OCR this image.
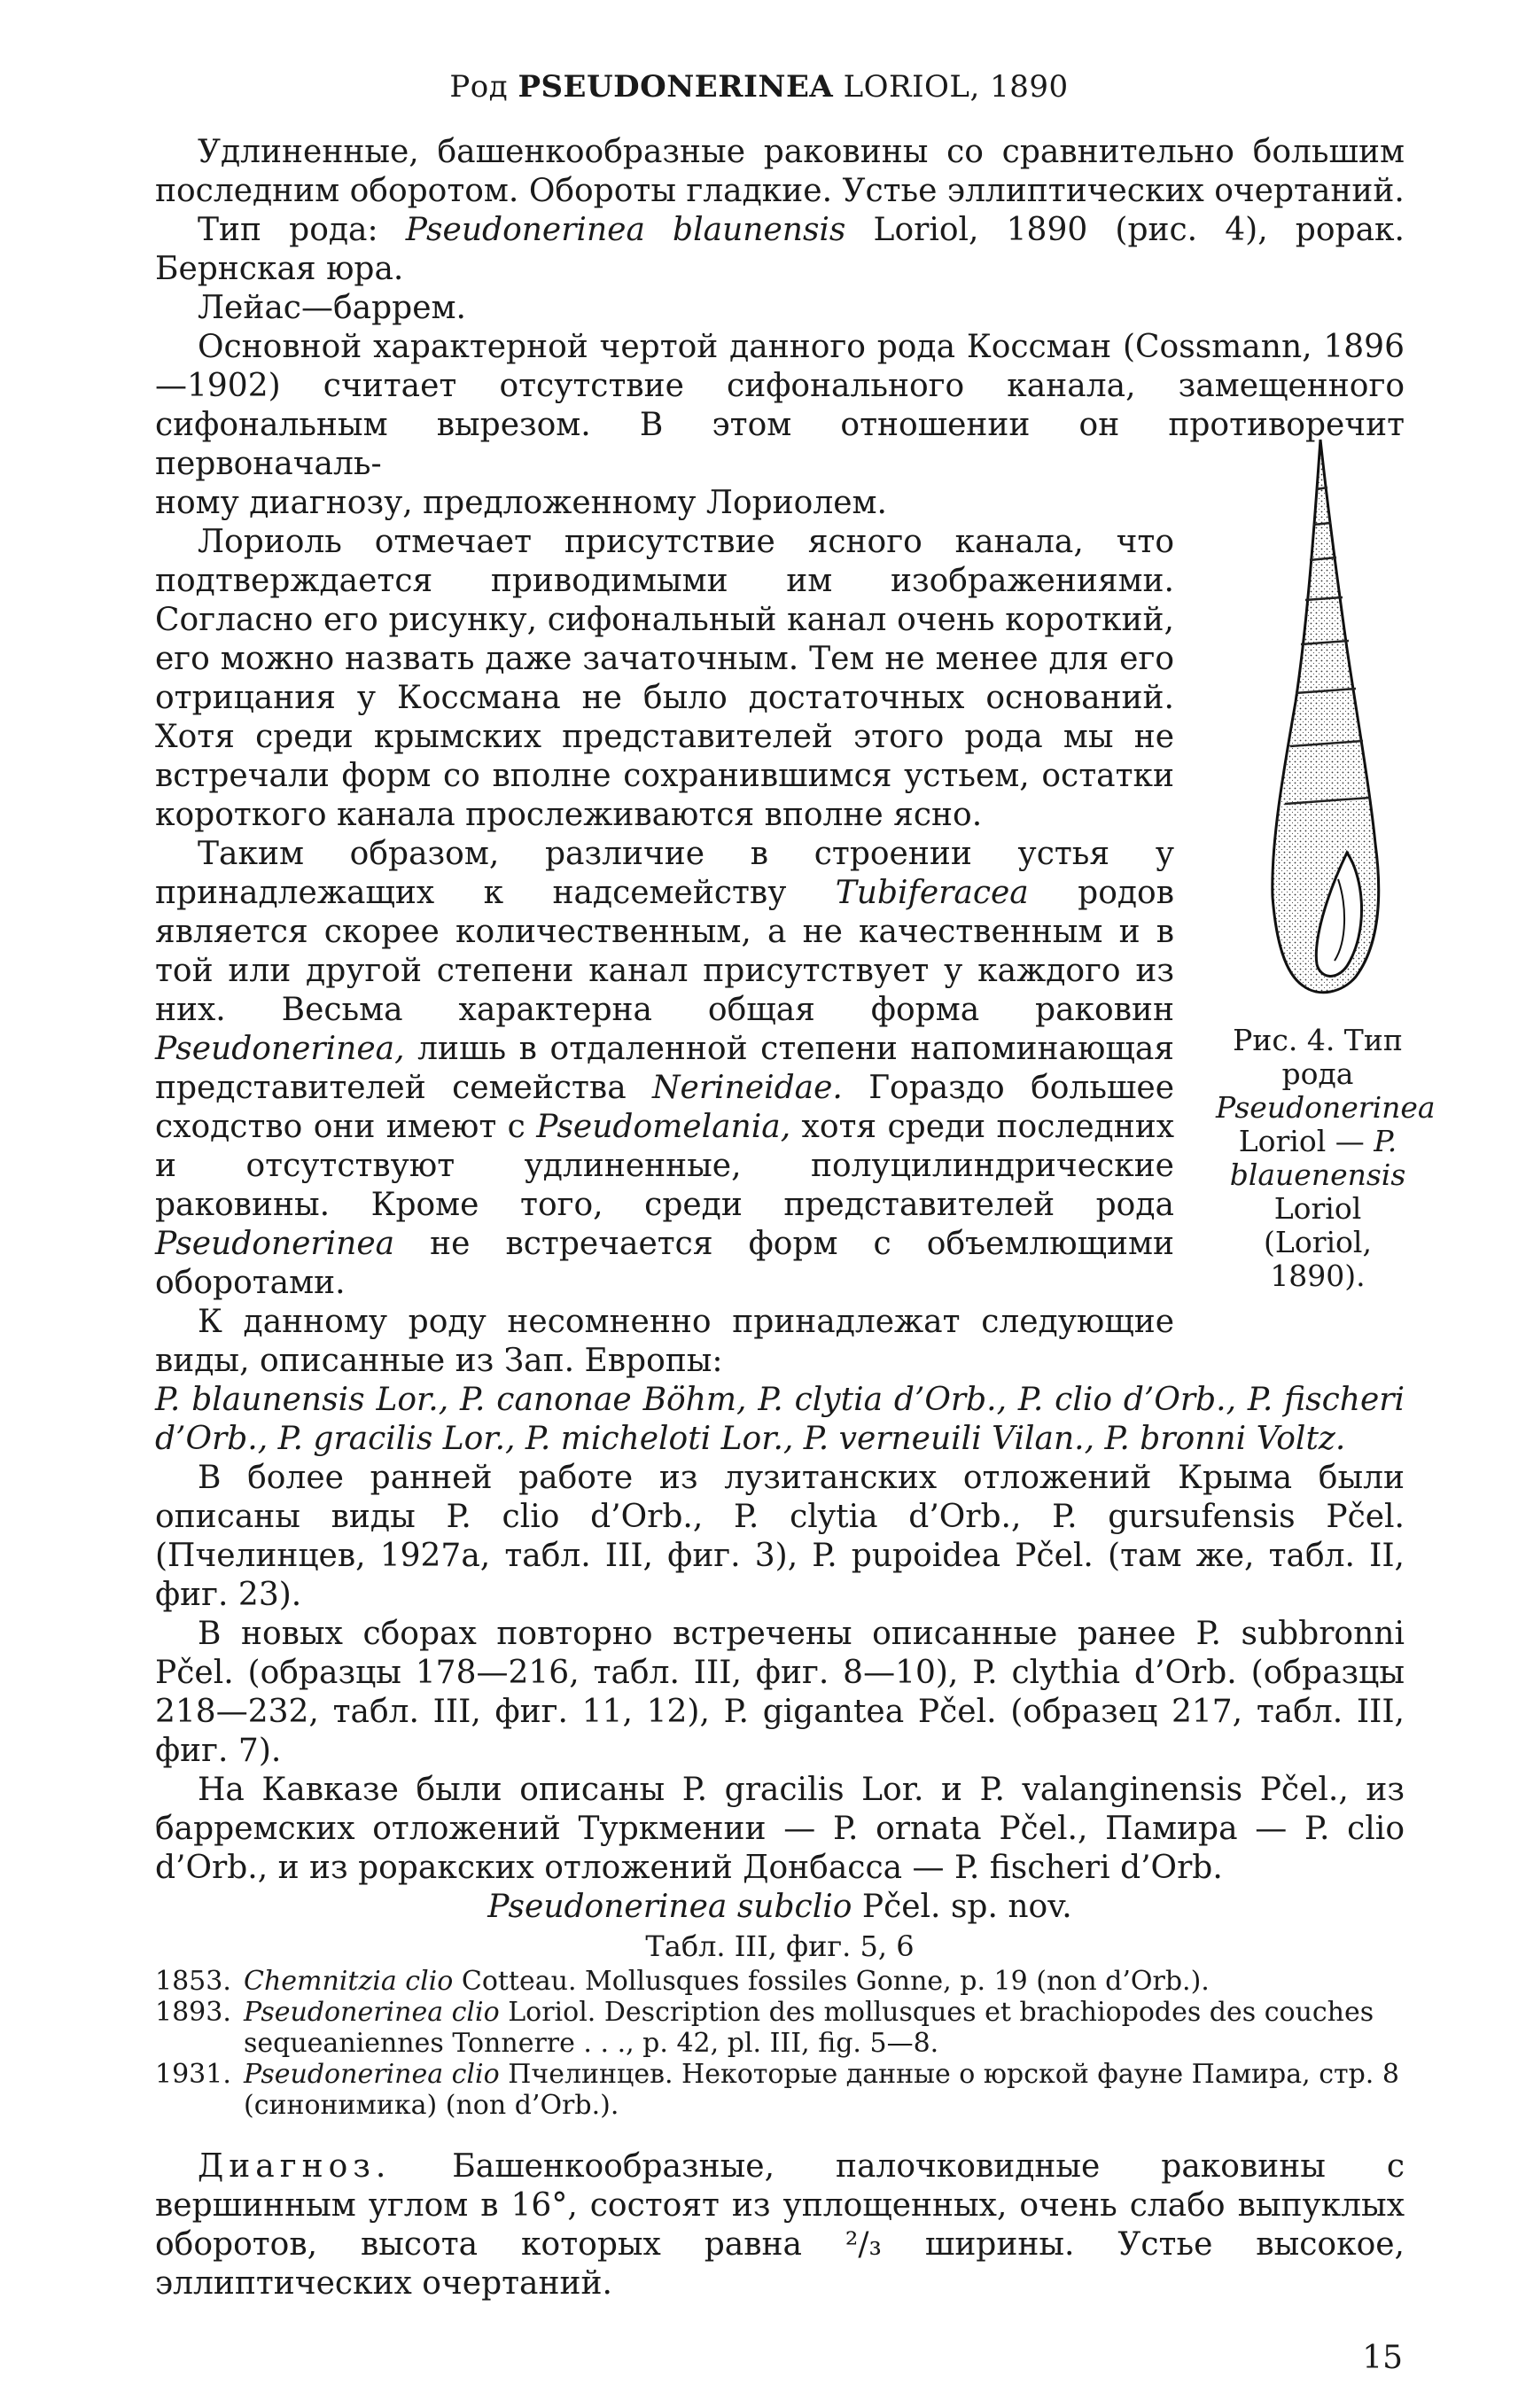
Род PSEUDONERINEA LORIOL, 1890

Удлиненные, башенкообразные раковины со сравнительно большим последним оборотом. Обороты гладкие. Устье эллиптических очертаний.

Тип рода: Pseudonerinea blaunensis Loriol, 1890 (рис. 4), рорак. Бернская юра.

Лейас—баррем.

Основной характерной чертой данного рода Коссман (Cossmann, 1896—1902) считает отсутствие сифонального канала, замещенного сифональным вырезом. В этом отношении он противоречит первоначаль-

ному диагнозу, предложенному Лориолем.

Лориоль отмечает присутствие ясного канала, что подтверждается приводимыми им изображениями. Согласно его рисунку, сифональный канал очень короткий, его можно назвать даже зачаточным. Тем не менее для его отрицания у Коссмана не было достаточных оснований. Хотя среди крымских представителей этого рода мы не встречали форм со вполне сохранившимся устьем, остатки короткого канала прослеживаются вполне ясно.

Таким образом, различие в строении устья у принадлежащих к надсемейству Tubiferacea родов является скорее количественным, а не качественным и в той или другой степени канал присутствует у каждого из них. Весьма характерна общая форма раковин Pseudonerinea, лишь в отдаленной степени напоминающая представителей семейства Nerineidae. Гораздо большее сходство они имеют с Pseudomelania, хотя среди последних и отсутствуют удлиненные, полуцилиндрические раковины. Кроме того, среди представителей рода Pseudonerinea не встречается форм с объемлющими оборотами.

К данному роду несомненно принадлежат следующие виды, описанные из Зап. Европы:

P. blaunensis Lor., P. canonae Böhm, P. clytia d’Orb., P. clio d’Orb., P. fischeri d’Orb., P. gracilis Lor., P. micheloti Lor., P. verneuili Vilan., P. bronni Voltz.

В более ранней работе из лузитанских отложений Крыма были описаны виды P. clio d’Orb., P. clytia d’Orb., P. gursufensis Pčel. (Пчелинцев, 1927а, табл. III, фиг. 3), P. pupoidea Pčel. (там же, табл. II, фиг. 23).

В новых сборах повторно встречены описанные ранее P. subbronni Pčel. (образцы 178—216, табл. III, фиг. 8—10), P. clythia d’Orb. (образцы 218—232, табл. III, фиг. 11, 12), P. gigantea Pčel. (образец 217, табл. III, фиг. 7).

На Кавказе были описаны P. gracilis Lor. и P. valanginensis Pčel., из барремских отложений Туркмении — P. ornata Pčel., Памира — P. clio d’Orb., и из роракских отложений Донбасса — P. fischeri d’Orb.

Pseudonerinea subclio Pčel. sp. nov.

Табл. III, фиг. 5, 6

1853. Chemnitzia clio Cotteau. Mollusques fossiles Gonne, p. 19 (non d’Orb.).
1893. Pseudonerinea clio Loriol. Description des mollusques et brachiopodes des couches sequeaniennes Tonnerre . . ., p. 42, pl. III, fig. 5—8.
1931. Pseudonerinea clio Пчелинцев. Некоторые данные о юрской фауне Памира, стр. 8 (синонимика) (non d’Orb.).

Диагноз. Башенкообразные, палочковидные раковины с вершинным углом в 16°, состоят из уплощенных, очень слабо выпуклых оборотов, высота которых равна ²/₃ ширины. Устье высокое, эллиптических очертаний.

Рис. 4. Тип рода Pseudonerinea Loriol — P. blauenensis Loriol (Loriol, 1890).
15
